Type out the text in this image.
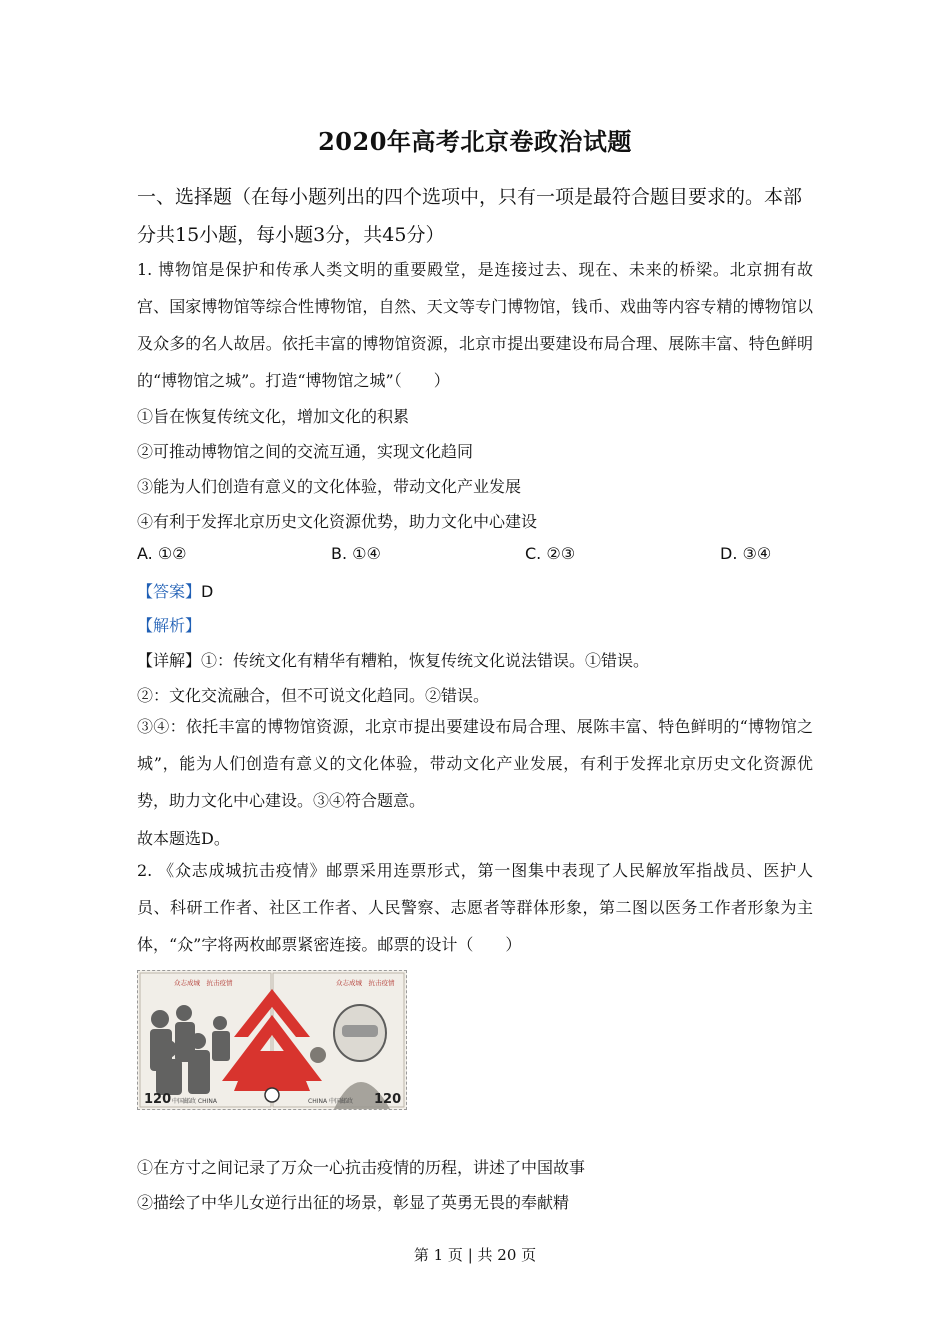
2020年高考北京卷政治试题
一、选择题（在每小题列出的四个选项中，只有一项是最符合题目要求的。本部分共15小题，每小题3分，共45分）
1. 博物馆是保护和传承人类文明的重要殿堂，是连接过去、现在、未来的桥梁。北京拥有故宫、国家博物馆等综合性博物馆，自然、天文等专门博物馆，钱币、戏曲等内容专精的博物馆以及众多的名人故居。依托丰富的博物馆资源，北京市提出要建设布局合理、展陈丰富、特色鲜明的“博物馆之城”。打造“博物馆之城”（　　）
①旨在恢复传统文化，增加文化的积累
②可推动博物馆之间的交流互通，实现文化趋同
③能为人们创造有意义的文化体验，带动文化产业发展
④有利于发挥北京历史文化资源优势，助力文化中心建设
A. ①②	B. ①④	C. ②③	D. ③④
【答案】D
【解析】
【详解】①：传统文化有精华有糟粕，恢复传统文化说法错误。①错误。
②：文化交流融合，但不可说文化趋同。②错误。
③④：依托丰富的博物馆资源，北京市提出要建设布局合理、展陈丰富、特色鲜明的“博物馆之城”，能为人们创造有意义的文化体验，带动文化产业发展，有利于发挥北京历史文化资源优势，助力文化中心建设。③④符合题意。
故本题选D。
2. 《众志成城抗击疫情》邮票采用连票形式，第一图集中表现了人民解放军指战员、医护人员、科研工作者、社区工作者、人民警察、志愿者等群体形象，第二图以医务工作者形象为主体，“众”字将两枚邮票紧密连接。邮票的设计（　　）
众志成城　抗击疫情	众志成城　抗击疫情
120	120
中国邮政 CHINA	CHINA 中国邮政
①在方寸之间记录了万众一心抗击疫情的历程，讲述了中国故事
②描绘了中华儿女逆行出征的场景，彰显了英勇无畏的奉献精
第 1 页 | 共 20 页
